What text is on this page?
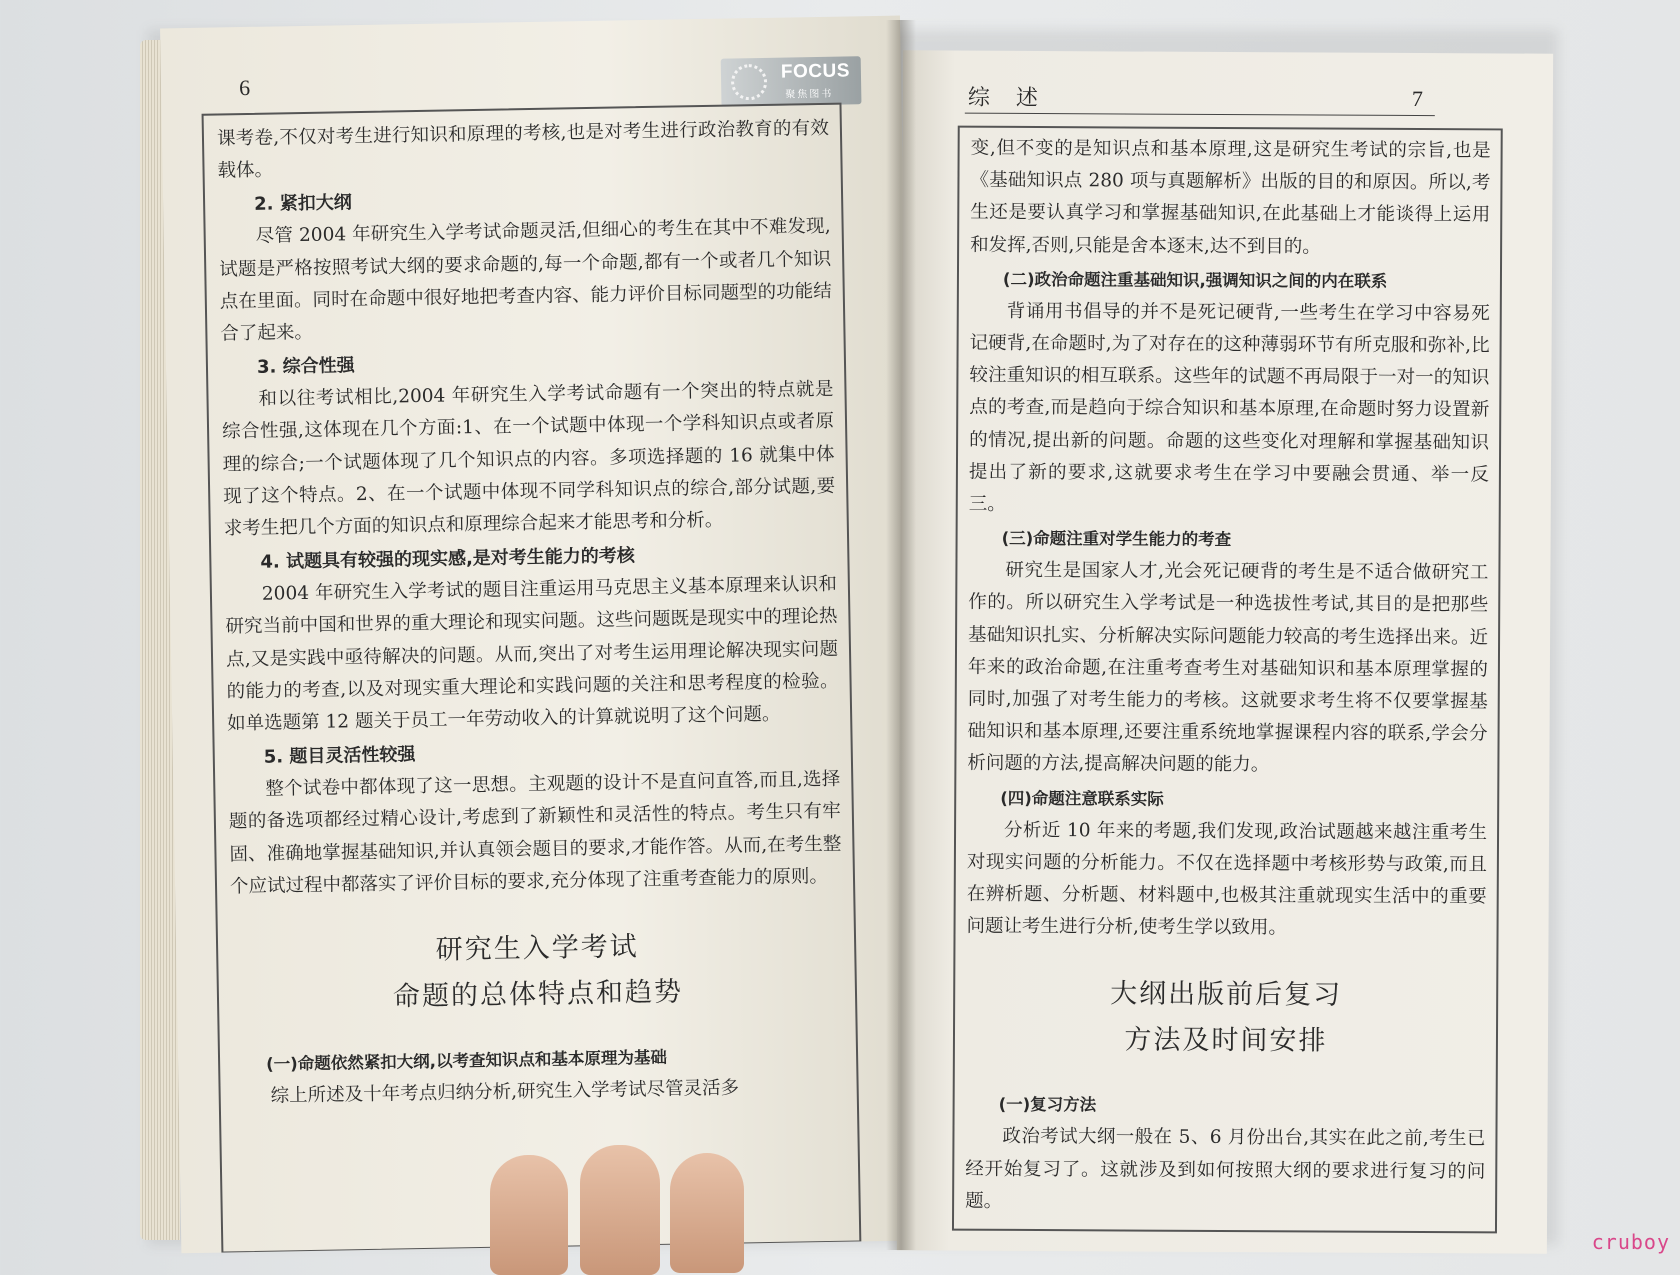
6
FOCUS
聚焦图书

课考卷,不仅对考生进行知识和原理的考核,也是对考生进行政治教育的有效载体。

2. 紧扣大纲

尽管 2004 年研究生入学考试命题灵活,但细心的考生在其中不难发现,试题是严格按照考试大纲的要求命题的,每一个命题,都有一个或者几个知识点在里面。同时在命题中很好地把考查内容、能力评价目标同题型的功能结合了起来。

3. 综合性强

和以往考试相比,2004 年研究生入学考试命题有一个突出的特点就是综合性强,这体现在几个方面:1、在一个试题中体现一个学科知识点或者原理的综合;一个试题体现了几个知识点的内容。多项选择题的 16 就集中体现了这个特点。2、在一个试题中体现不同学科知识点的综合,部分试题,要求考生把几个方面的知识点和原理综合起来才能思考和分析。

4. 试题具有较强的现实感,是对考生能力的考核

2004 年研究生入学考试的题目注重运用马克思主义基本原理来认识和研究当前中国和世界的重大理论和现实问题。这些问题既是现实中的理论热点,又是实践中亟待解决的问题。从而,突出了对考生运用理论解决现实问题的能力的考查,以及对现实重大理论和实践问题的关注和思考程度的检验。如单选题第 12 题关于员工一年劳动收入的计算就说明了这个问题。

5. 题目灵活性较强

整个试卷中都体现了这一思想。主观题的设计不是直问直答,而且,选择题的备选项都经过精心设计,考虑到了新颖性和灵活性的特点。考生只有牢固、准确地掌握基础知识,并认真领会题目的要求,才能作答。从而,在考生整个应试过程中都落实了评价目标的要求,充分体现了注重考查能力的原则。

研究生入学考试
命题的总体特点和趋势
(一)命题依然紧扣大纲,以考查知识点和基本原理为基础

综上所述及十年考点归纳分析,研究生入学考试尽管灵活多

综述	7

变,但不变的是知识点和基本原理,这是研究生考试的宗旨,也是《基础知识点 280 项与真题解析》出版的目的和原因。所以,考生还是要认真学习和掌握基础知识,在此基础上才能谈得上运用和发挥,否则,只能是舍本逐末,达不到目的。

(二)政治命题注重基础知识,强调知识之间的内在联系

背诵用书倡导的并不是死记硬背,一些考生在学习中容易死记硬背,在命题时,为了对存在的这种薄弱环节有所克服和弥补,比较注重知识的相互联系。这些年的试题不再局限于一对一的知识点的考查,而是趋向于综合知识和基本原理,在命题时努力设置新的情况,提出新的问题。命题的这些变化对理解和掌握基础知识提出了新的要求,这就要求考生在学习中要融会贯通、举一反三。

(三)命题注重对学生能力的考查

研究生是国家人才,光会死记硬背的考生是不适合做研究工作的。所以研究生入学考试是一种选拔性考试,其目的是把那些基础知识扎实、分析解决实际问题能力较高的考生选择出来。近年来的政治命题,在注重考查考生对基础知识和基本原理掌握的同时,加强了对考生能力的考核。这就要求考生将不仅要掌握基础知识和基本原理,还要注重系统地掌握课程内容的联系,学会分析问题的方法,提高解决问题的能力。

(四)命题注意联系实际

分析近 10 年来的考题,我们发现,政治试题越来越注重考生对现实问题的分析能力。不仅在选择题中考核形势与政策,而且在辨析题、分析题、材料题中,也极其注重就现实生活中的重要问题让考生进行分析,使考生学以致用。

大纲出版前后复习
方法及时间安排
(一)复习方法

政治考试大纲一般在 5、6 月份出台,其实在此之前,考生已经开始复习了。这就涉及到如何按照大纲的要求进行复习的问题。

cruboy
